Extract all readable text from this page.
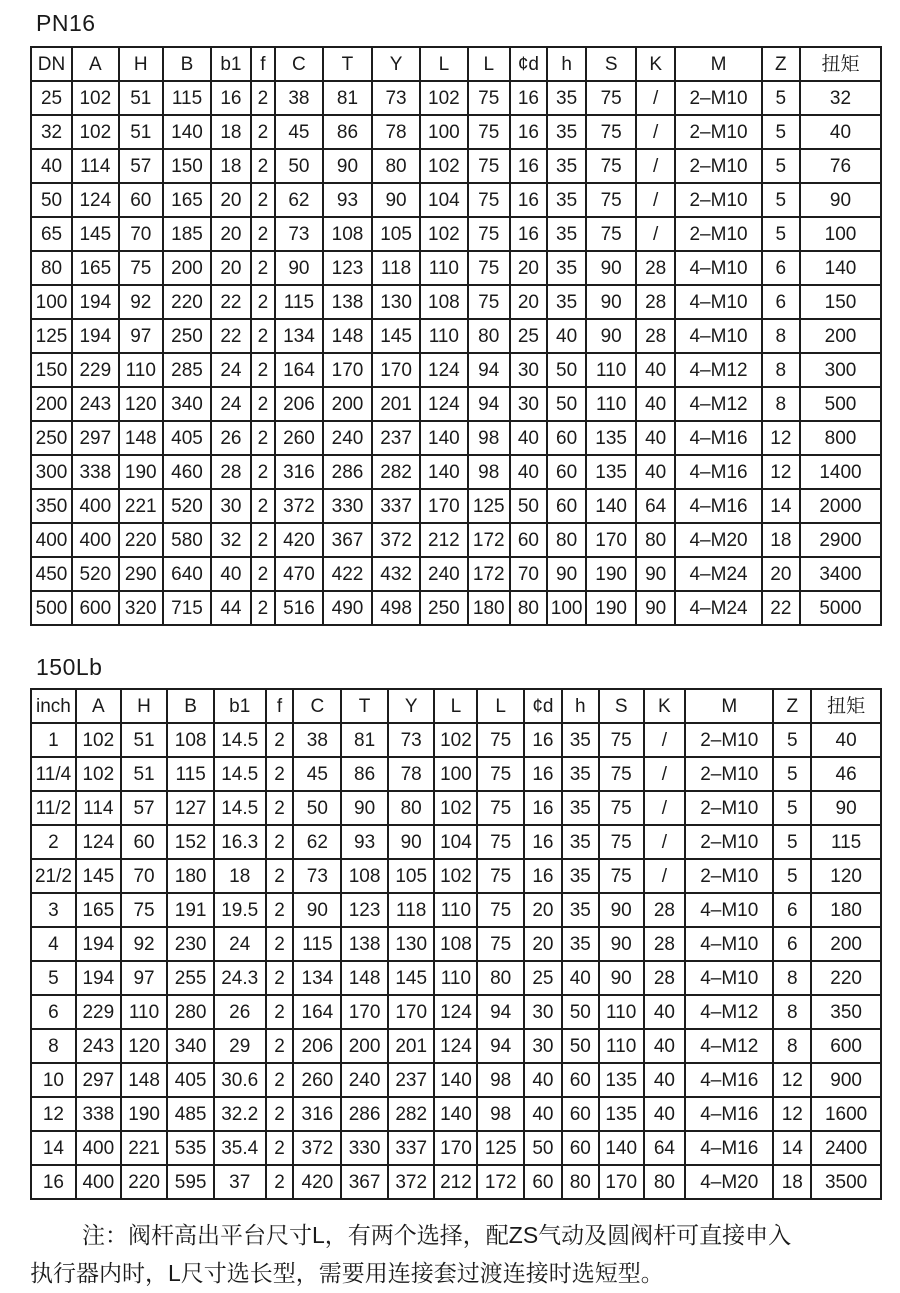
PN16
DN	A	H	B	b1	f	C	T	Y	L	L	¢d	h	S	K	M	Z	扭矩
25	102	51	115	16	2	38	81	73	102	75	16	35	75	/	2–M10	5	32
32	102	51	140	18	2	45	86	78	100	75	16	35	75	/	2–M10	5	40
40	114	57	150	18	2	50	90	80	102	75	16	35	75	/	2–M10	5	76
50	124	60	165	20	2	62	93	90	104	75	16	35	75	/	2–M10	5	90
65	145	70	185	20	2	73	108	105	102	75	16	35	75	/	2–M10	5	100
80	165	75	200	20	2	90	123	118	110	75	20	35	90	28	4–M10	6	140
100	194	92	220	22	2	115	138	130	108	75	20	35	90	28	4–M10	6	150
125	194	97	250	22	2	134	148	145	110	80	25	40	90	28	4–M10	8	200
150	229	110	285	24	2	164	170	170	124	94	30	50	110	40	4–M12	8	300
200	243	120	340	24	2	206	200	201	124	94	30	50	110	40	4–M12	8	500
250	297	148	405	26	2	260	240	237	140	98	40	60	135	40	4–M16	12	800
300	338	190	460	28	2	316	286	282	140	98	40	60	135	40	4–M16	12	1400
350	400	221	520	30	2	372	330	337	170	125	50	60	140	64	4–M16	14	2000
400	400	220	580	32	2	420	367	372	212	172	60	80	170	80	4–M20	18	2900
450	520	290	640	40	2	470	422	432	240	172	70	90	190	90	4–M24	20	3400
500	600	320	715	44	2	516	490	498	250	180	80	100	190	90	4–M24	22	5000
150Lb
inch	A	H	B	b1	f	C	T	Y	L	L	¢d	h	S	K	M	Z	扭矩
1	102	51	108	14.5	2	38	81	73	102	75	16	35	75	/	2–M10	5	40
11/4	102	51	115	14.5	2	45	86	78	100	75	16	35	75	/	2–M10	5	46
11/2	114	57	127	14.5	2	50	90	80	102	75	16	35	75	/	2–M10	5	90
2	124	60	152	16.3	2	62	93	90	104	75	16	35	75	/	2–M10	5	115
21/2	145	70	180	18	2	73	108	105	102	75	16	35	75	/	2–M10	5	120
3	165	75	191	19.5	2	90	123	118	110	75	20	35	90	28	4–M10	6	180
4	194	92	230	24	2	115	138	130	108	75	20	35	90	28	4–M10	6	200
5	194	97	255	24.3	2	134	148	145	110	80	25	40	90	28	4–M10	8	220
6	229	110	280	26	2	164	170	170	124	94	30	50	110	40	4–M12	8	350
8	243	120	340	29	2	206	200	201	124	94	30	50	110	40	4–M12	8	600
10	297	148	405	30.6	2	260	240	237	140	98	40	60	135	40	4–M16	12	900
12	338	190	485	32.2	2	316	286	282	140	98	40	60	135	40	4–M16	12	1600
14	400	221	535	35.4	2	372	330	337	170	125	50	60	140	64	4–M16	14	2400
16	400	220	595	37	2	420	367	372	212	172	60	80	170	80	4–M20	18	3500
注：阀杆高出平台尺寸L，有两个选择，配ZS气动及圆阀杆可直接申入
执行器内时，L尺寸选长型，需要用连接套过渡连接时选短型。
